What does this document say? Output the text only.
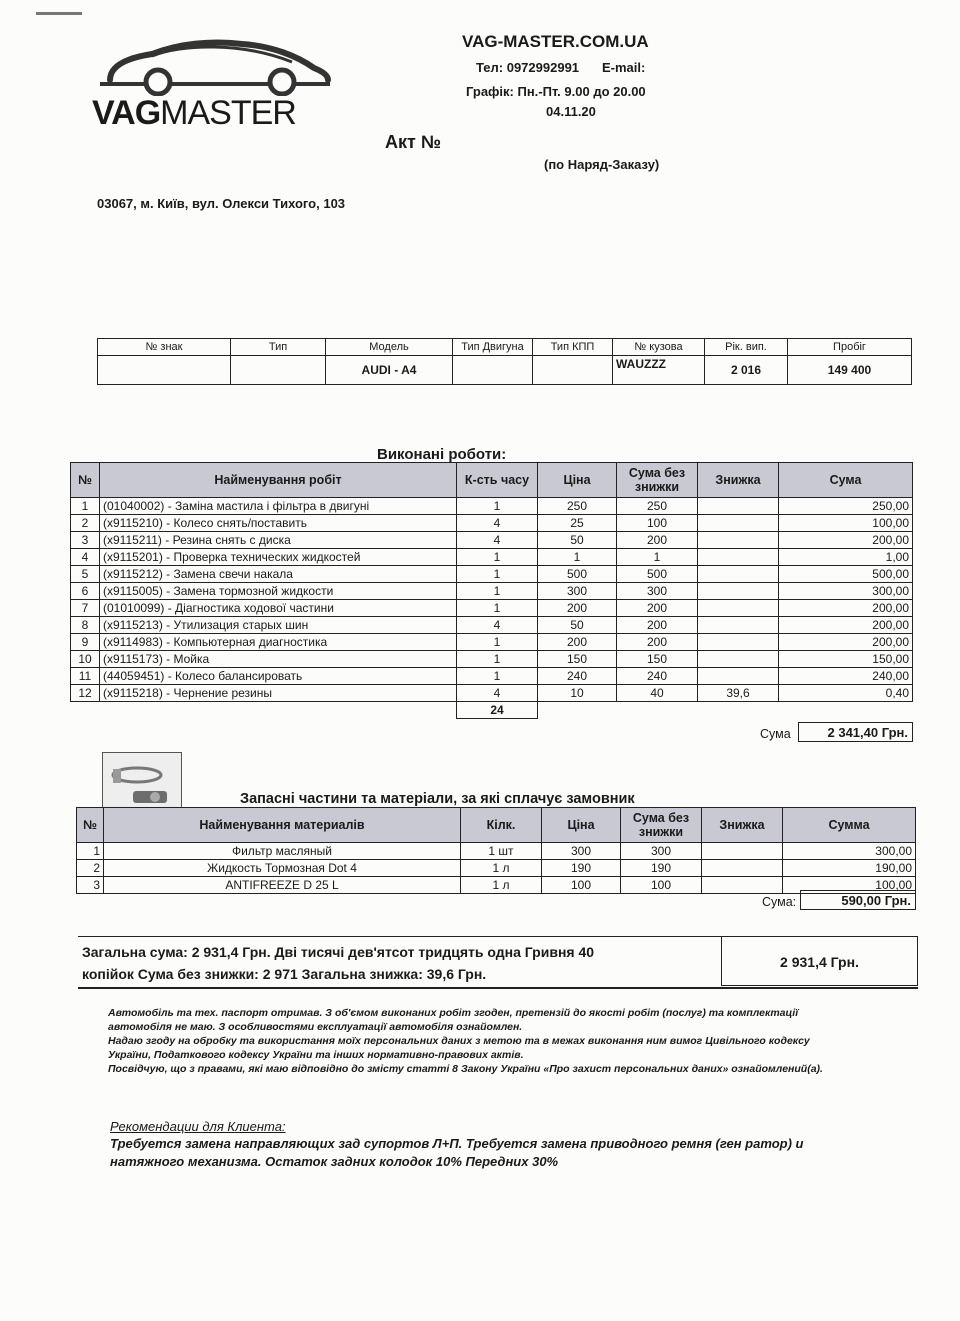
VAGMASTER
VAG-MASTER.COM.UA
Тел: 0972992991 E-mail:
Графік: Пн.-Пт. 9.00 до 20.00
04.11.20
Акт №
(по Наряд-Заказу)
03067, м. Київ, вул. Олекси Тихого, 103
№ знак	Тип	Модель	Тип Двигуна	Тип КПП	№ кузова	Рік. вип.	Пробіг
		AUDI - A4			WAUZZZ	2 016	149 400
Виконані роботи:
№	Найменування робіт	К-сть часу	Ціна	Сума без знижки	Знижка	Сума
1	(01040002) - Заміна мастила і фільтра в двигуні	1	250	250		250,00
2	(x9115210) - Колесо снять/поставить	4	25	100		100,00
3	(x9115211) - Резина снять с диска	4	50	200		200,00
4	(x9115201) - Проверка технических жидкостей	1	1	1		1,00
5	(x9115212) - Замена свечи накала	1	500	500		500,00
6	(x9115005) - Замена тормозной жидкости	1	300	300		300,00
7	(01010099) - Діагностика ходової частини	1	200	200		200,00
8	(x9115213) - Утилизация старых шин	4	50	200		200,00
9	(x9114983) - Компьютерная диагностика	1	200	200		200,00
10	(x9115173) - Мойка	1	150	150		150,00
11	(44059451) - Колесо балансировать	1	240	240		240,00
12	(x9115218) - Чернение резины	4	10	40	39,6	0,40
		24				
Сума	2 341,40 Грн.
Запасні частини та матеріали, за які сплачує замовник
№	Найменування материалів	Кілк.	Ціна	Сума без знижки	Знижка	Сумма
1	Фильтр масляный	1 шт	300	300		300,00
2	Жидкость Тормозная Dot 4	1 л	190	190		190,00
3	ANTIFREEZE D 25 L	1 л	100	100		100,00
Сума:	590,00 Грн.
Загальна сума: 2 931,4 Грн. Дві тисячі дев'ятсот тридцять одна Гривня 40
копійок Сума без знижки: 2 971 Загальна знижка: 39,6 Грн.
2 931,4 Грн.
Автомобіль та тех. паспорт отримав. З об'ємом виконаних робіт згоден, претензій до якості робіт (послуг) та комплектації
автомобіля не маю. З особливостями експлуатації автомобіля ознайомлен.
Надаю згоду на обробку та використання моїх персональних даних з метою та в межах виконання ним вимог Цивільного кодексу
України, Податкового кодексу України та інших нормативно-правових актів.
Посвідчую, що з правами, які маю відповідно до змісту статті 8 Закону України «Про захист персональних даних» ознайомлений(а).
Рекомендации для Клиента:
Требуется замена направляющих зад супортов Л+П. Требуется замена приводного ремня (ген ратор) и
натяжного механизма. Остаток задних колодок 10% Передних 30%
